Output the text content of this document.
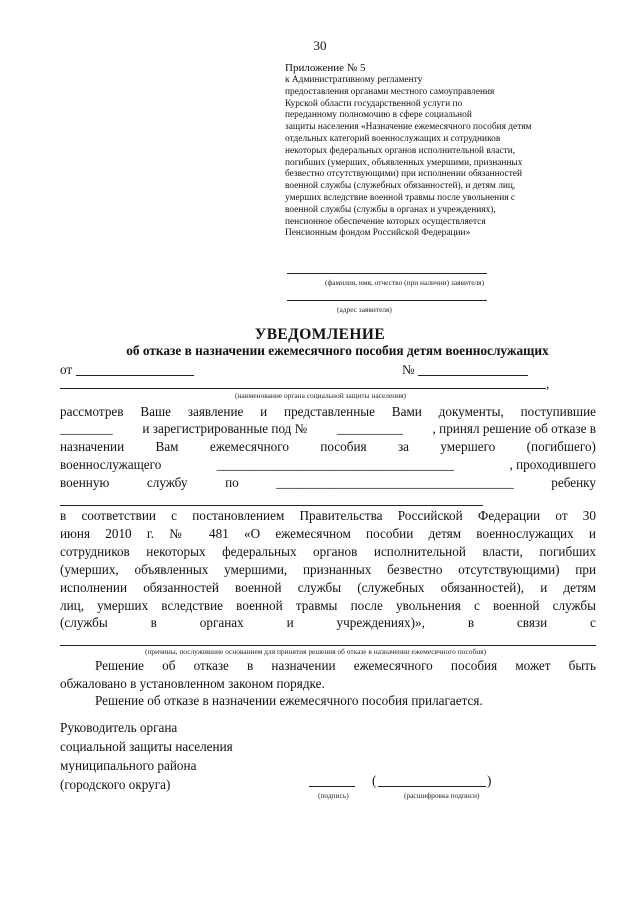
30
Приложение № 5
к Административному регламенту
предоставления органами местного самоуправления
Курской области государственной услуги по
переданному полномочию в сфере социальной
защиты населения «Назначение ежемесячного пособия детям
отдельных категорий военнослужащих и сотрудников
некоторых федеральных органов исполнительной власти,
погибших (умерших, объявленных умершими, признанных
безвестно отсутствующими) при исполнении обязанностей
военной службы (служебных обязанностей), и детям лиц,
умерших вследствие военной травмы после увольнения с
военной службы (службы в органах и учреждениях),
пенсионное обеспечение которых осуществляется
Пенсионным фондом Российской Федерации»
(фамилия, имя, отчество (при наличии) заявителя)
(адрес заявителя)
УВЕДОМЛЕНИЕ
об отказе в назначении ежемесячного пособия детям военнослужащих
от	№
,
(наименование органа социальной защиты населения)
рассмотрев Ваше заявление и представленные Вами документы, поступившие
________ и зарегистрированные под № __________ , принял решение об отказе в
назначении Вам ежемесячного пособия за умершего (погибшего)
военнослужащего	____________________________________	, проходившего
военную	службу	по	____________________________________	ребенку
в соответствии с постановлением Правительства Российской Федерации от 30
июня 2010 г. № 481 «О ежемесячном пособии детям военнослужащих и
сотрудников некоторых федеральных органов исполнительной власти, погибших
(умерших, объявленных умершими, признанных безвестно отсутствующими) при
исполнении обязанностей военной службы (служебных обязанностей), и детям
лиц, умерших вследствие военной травмы после увольнения с военной службы
(службы	в	органах	и	учреждениях)»,	в	связи	с
(причины, послужившие основанием для принятия решения об отказе в назначении ежемесячного пособия)
Решение об отказе в назначении ежемесячного пособия может быть
обжаловано в установленном законом порядке.
Решение об отказе в назначении ежемесячного пособия прилагается.
Руководитель органа
социальной защиты населения
муниципального района
(городского округа)
(подпись)
(	)
(расшифровка подписи)
